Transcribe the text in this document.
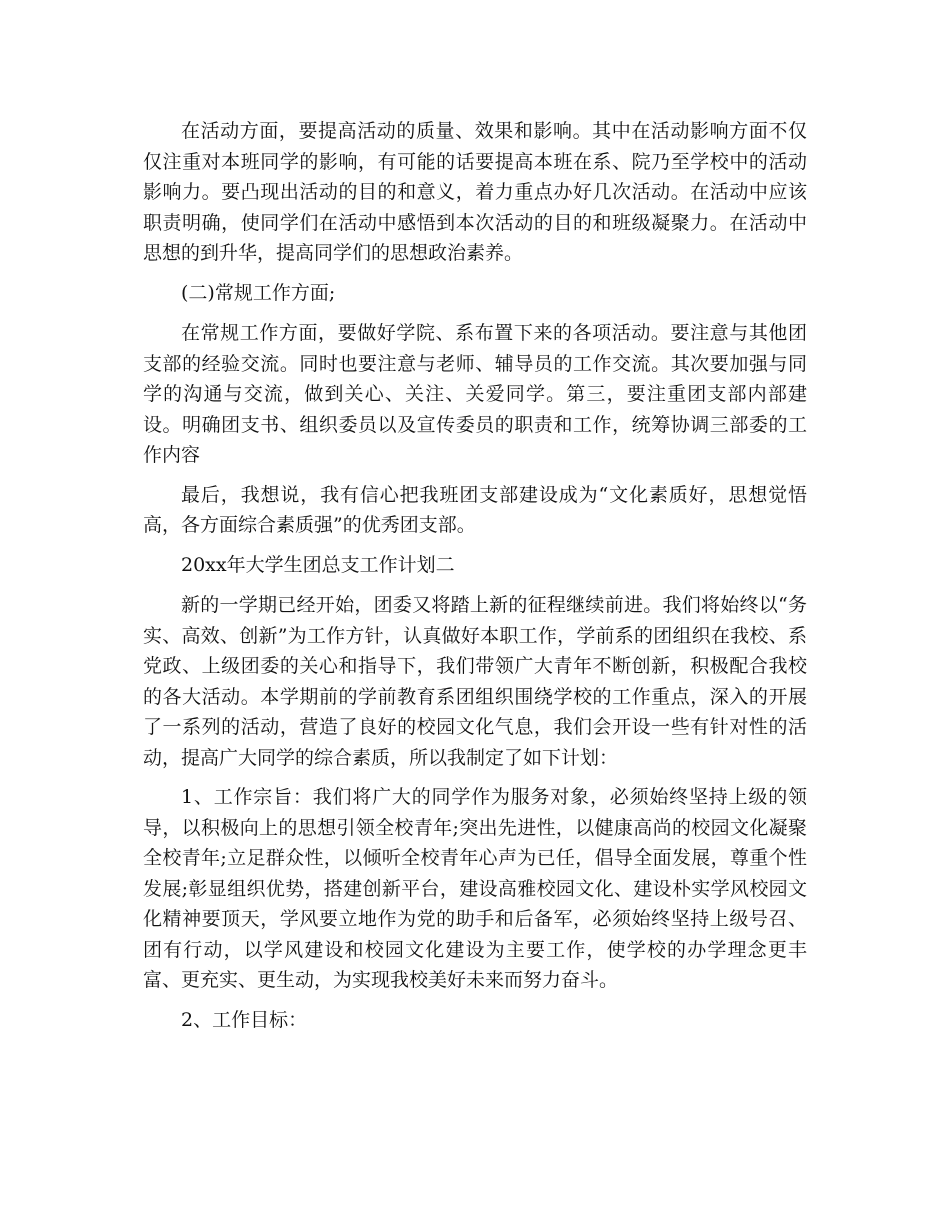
在活动方面，要提高活动的质量、效果和影响。其中在活动影响方面不仅仅注重对本班同学的影响，有可能的话要提高本班在系、院乃至学校中的活动影响力。要凸现出活动的目的和意义，着力重点办好几次活动。在活动中应该职责明确，使同学们在活动中感悟到本次活动的目的和班级凝聚力。在活动中思想的到升华，提高同学们的思想政治素养。

(二)常规工作方面;

在常规工作方面，要做好学院、系布置下来的各项活动。要注意与其他团支部的经验交流。同时也要注意与老师、辅导员的工作交流。其次要加强与同学的沟通与交流，做到关心、关注、关爱同学。第三，要注重团支部内部建设。明确团支书、组织委员以及宣传委员的职责和工作，统筹协调三部委的工作内容

最后，我想说，我有信心把我班团支部建设成为“文化素质好，思想觉悟高，各方面综合素质强”的优秀团支部。

20xx年大学生团总支工作计划二

新的一学期已经开始，团委又将踏上新的征程继续前进。我们将始终以“务实、高效、创新”为工作方针，认真做好本职工作，学前系的团组织在我校、系党政、上级团委的关心和指导下，我们带领广大青年不断创新，积极配合我校的各大活动。本学期前的学前教育系团组织围绕学校的工作重点，深入的开展了一系列的活动，营造了良好的校园文化气息，我们会开设一些有针对性的活动，提高广大同学的综合素质，所以我制定了如下计划：

1、工作宗旨：我们将广大的同学作为服务对象，必须始终坚持上级的领导，以积极向上的思想引领全校青年;突出先进性，以健康高尚的校园文化凝聚全校青年;立足群众性，以倾听全校青年心声为已任，倡导全面发展，尊重个性发展;彰显组织优势，搭建创新平台，建设高雅校园文化、建设朴实学风校园文化精神要顶天，学风要立地作为党的助手和后备军，必须始终坚持上级号召、团有行动，以学风建设和校园文化建设为主要工作，使学校的办学理念更丰富、更充实、更生动，为实现我校美好未来而努力奋斗。

2、工作目标：
